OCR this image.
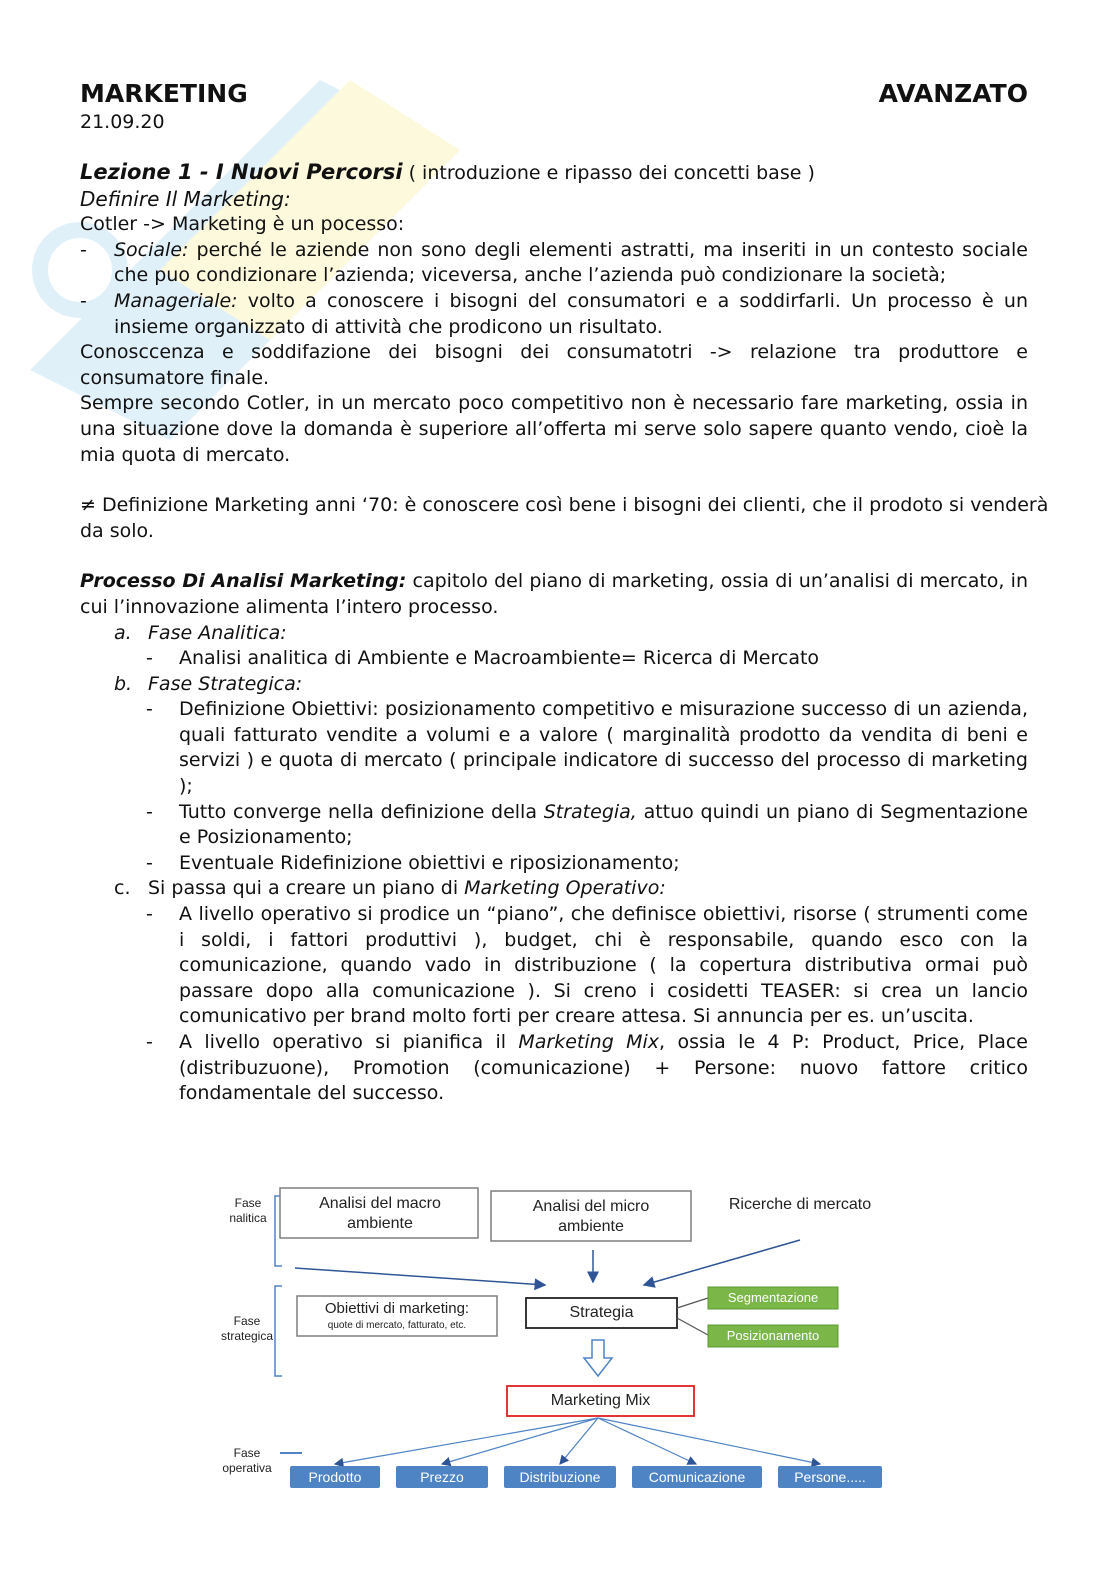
MARKETING	AVANZATO
21.09.20

Lezione 1 - I Nuovi Percorsi ( introduzione e ripasso dei concetti base )

Definire Il Marketing:

Cotler -> Marketing è un pocesso:

- Sociale: perché le aziende non sono degli elementi astratti, ma inseriti in un contesto sociale che puo condizionare l’azienda; viceversa, anche l’azienda può condizionare la società;

- Manageriale: volto a conoscere i bisogni del consumatori e a soddirfarli. Un processo è un insieme organizzato di attività che prodicono un risultato.

Conosccenza e soddifazione dei bisogni dei consumatotri -> relazione tra produttore e consumatore finale.

Sempre secondo Cotler, in un mercato poco competitivo non è necessario fare marketing, ossia in una situazione dove la domanda è superiore all’offerta mi serve solo sapere quanto vendo, cioè la mia quota di mercato.

≠ Definizione Marketing anni ‘70: è conoscere così bene i bisogni dei clienti, che il prodoto si venderà da solo.

Processo Di Analisi Marketing: capitolo del piano di marketing, ossia di un’analisi di mercato, in cui l’innovazione alimenta l’intero processo.

a. Fase Analitica:

- Analisi analitica di Ambiente e Macroambiente= Ricerca di Mercato

b. Fase Strategica:

- Definizione Obiettivi: posizionamento competitivo e misurazione successo di un azienda, quali fatturato vendite a volumi e a valore ( marginalità prodotto da vendita di beni e servizi ) e quota di mercato ( principale indicatore di successo del processo di marketing );

- Tutto converge nella definizione della Strategia, attuo quindi un piano di Segmentazione e Posizionamento;

- Eventuale Ridefinizione obiettivi e riposizionamento;

c. Si passa qui a creare un piano di Marketing Operativo:

- A livello operativo si prodice un “piano”, che definisce obiettivi, risorse ( strumenti come i soldi, i fattori produttivi ), budget, chi è responsabile, quando esco con la comunicazione, quando vado in distribuzione ( la copertura distributiva ormai può passare dopo alla comunicazione ). Si creno i cosidetti TEASER: si crea un lancio comunicativo per brand molto forti per creare attesa. Si annuncia per es. un’uscita.

- A livello operativo si pianifica il Marketing Mix, ossia le 4 P: Product, Price, Place (distribuzuone), Promotion (comunicazione) + Persone: nuovo fattore critico fondamentale del successo.

Fase
nalitica
Fase
strategica
Fase
operativa
Analisi del macro ambiente
Analisi del micro ambiente
Ricerche di mercato
Obiettivi di marketing:
quote di mercato, fatturato, etc.
Strategia
Segmentazione
Posizionamento
Marketing Mix
Prodotto	Prezzo	Distribuzione	Comunicazione	Persone.....
